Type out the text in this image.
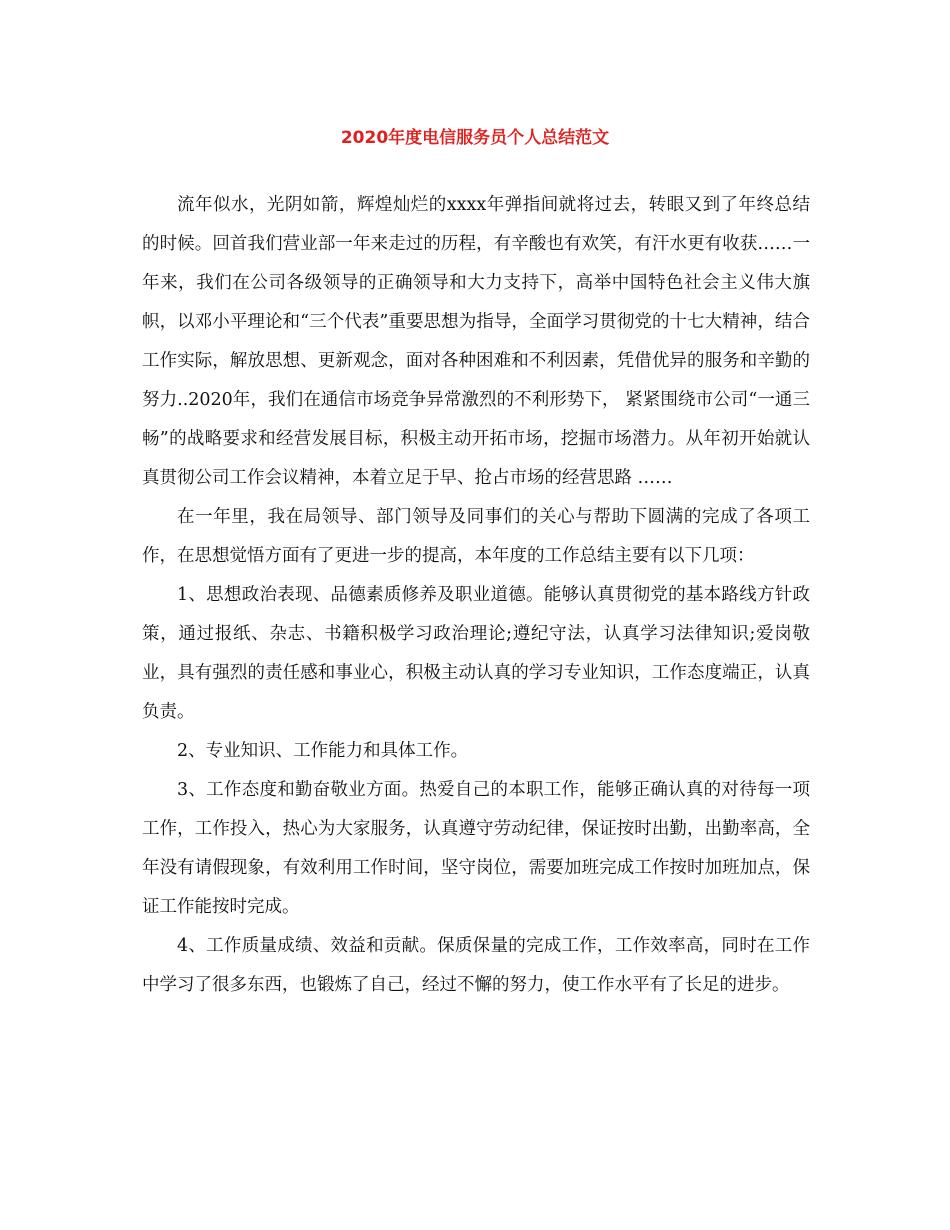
2020年度电信服务员个人总结范文

流年似水，光阴如箭，辉煌灿烂的xxxx年弹指间就将过去，转眼又到了年终总结的时候。回首我们营业部一年来走过的历程，有辛酸也有欢笑，有汗水更有收获……一年来，我们在公司各级领导的正确领导和大力支持下，高举中国特色社会主义伟大旗帜，以邓小平理论和“三个代表”重要思想为指导，全面学习贯彻党的十七大精神，结合工作实际，解放思想、更新观念，面对各种困难和不利因素，凭借优异的服务和辛勤的努力..2020年，我们在通信市场竞争异常激烈的不利形势下， 紧紧围绕市公司“一通三畅”的战略要求和经营发展目标，积极主动开拓市场，挖掘市场潜力。从年初开始就认真贯彻公司工作会议精神，本着立足于早、抢占市场的经营思路 ……

在一年里，我在局领导、部门领导及同事们的关心与帮助下圆满的完成了各项工作，在思想觉悟方面有了更进一步的提高，本年度的工作总结主要有以下几项：

1、思想政治表现、品德素质修养及职业道德。能够认真贯彻党的基本路线方针政策，通过报纸、杂志、书籍积极学习政治理论;遵纪守法，认真学习法律知识;爱岗敬业，具有强烈的责任感和事业心，积极主动认真的学习专业知识，工作态度端正，认真负责。

2、专业知识、工作能力和具体工作。

3、工作态度和勤奋敬业方面。热爱自己的本职工作，能够正确认真的对待每一项工作，工作投入，热心为大家服务，认真遵守劳动纪律，保证按时出勤，出勤率高，全年没有请假现象，有效利用工作时间，坚守岗位，需要加班完成工作按时加班加点，保证工作能按时完成。

4、工作质量成绩、效益和贡献。保质保量的完成工作，工作效率高，同时在工作中学习了很多东西，也锻炼了自己，经过不懈的努力，使工作水平有了长足的进步。
